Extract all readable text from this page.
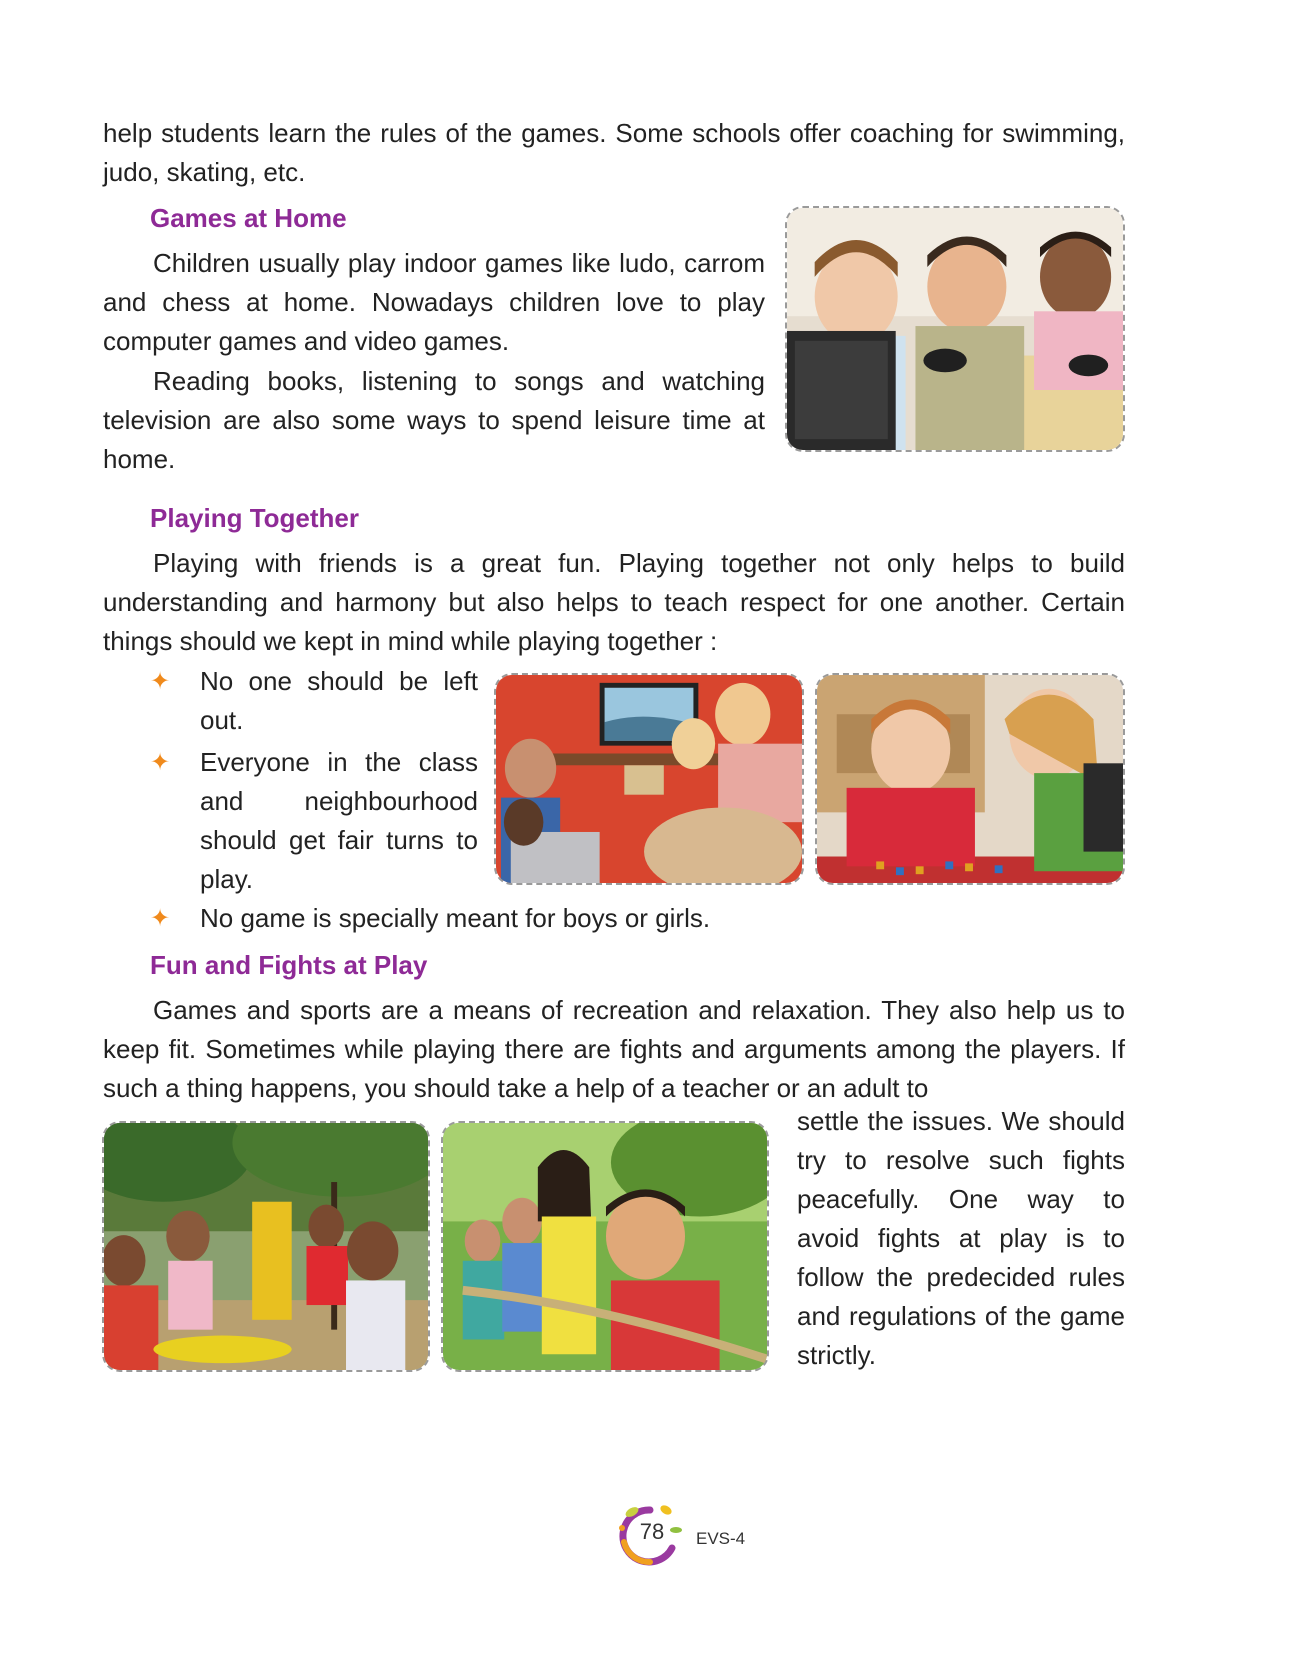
help students learn the rules of the games. Some schools offer coaching for swimming, judo, skating, etc.

Games at Home

Children usually play indoor games like ludo, carrom and chess at home. Nowadays children love to play computer games and video games.

Reading books, listening to songs and watching television are also some ways to spend leisure time at home.

Playing Together

Playing with friends is a great fun. Playing together not only helps to build understanding and harmony but also helps to teach respect for one another. Certain things should we kept in mind while playing together :

✦ No one should be left out.

✦ Everyone in the class and neighbourhood should get fair turns to play.

✦ No game is specially meant for boys or girls.

Fun and Fights at Play

Games and sports are a means of recreation and relaxation. They also help us to keep fit. Sometimes while playing there are fights and arguments among the players. If such a thing happens, you should take a help of a teacher or an adult to

settle the issues. We should try to resolve such fights peacefully. One way to avoid fights at play is to follow the predecided rules and regulations of the game strictly.

78	EVS-4
